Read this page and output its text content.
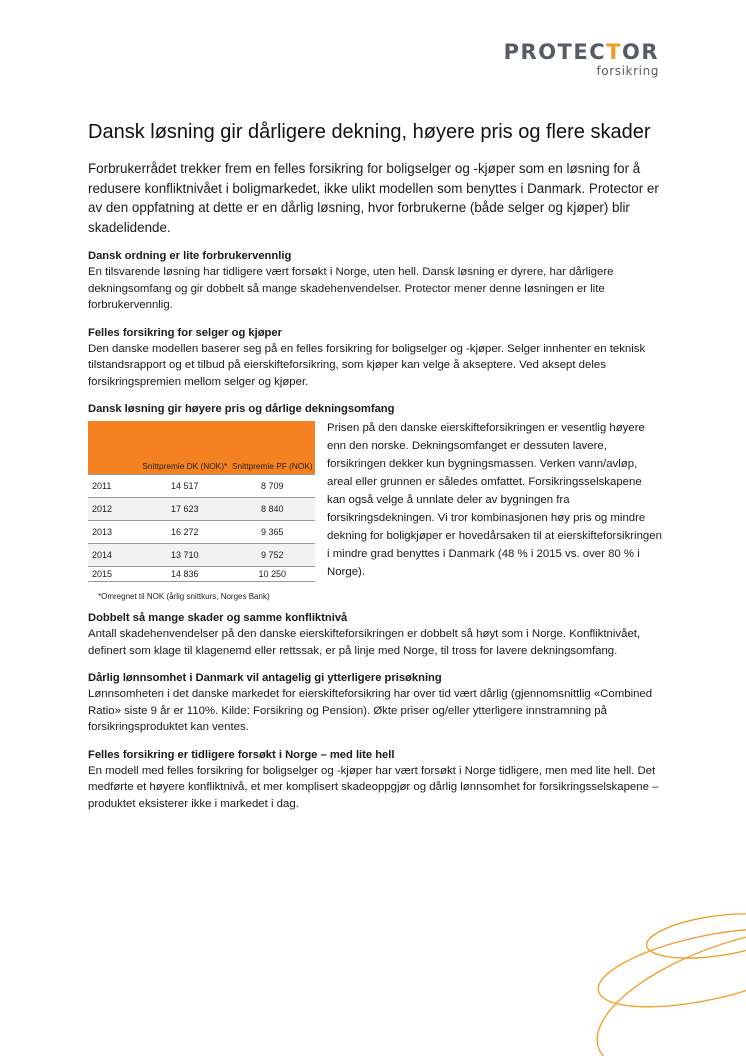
PROTECTOR
forsikring
Dansk løsning gir dårligere dekning, høyere pris og flere skader

Forbrukerrådet trekker frem en felles forsikring for boligselger og -kjøper som en løsning for å redusere konfliktnivået i boligmarkedet, ikke ulikt modellen som benyttes i Danmark. Protector er av den oppfatning at dette er en dårlig løsning, hvor forbrukerne (både selger og kjøper) blir skadelidende.

Dansk ordning er lite forbrukervennlig

En tilsvarende løsning har tidligere vært forsøkt i Norge, uten hell. Dansk løsning er dyrere, har dårligere dekningsomfang og gir dobbelt så mange skadehenvendelser. Protector mener denne løsningen er lite forbrukervennlig.

Felles forsikring for selger og kjøper

Den danske modellen baserer seg på en felles forsikring for boligselger og -kjøper. Selger innhenter en teknisk tilstandsrapport og et tilbud på eierskifteforsikring, som kjøper kan velge å akseptere. Ved aksept deles forsikringspremien mellom selger og kjøper.

Dansk løsning gir høyere pris og dårlige dekningsomfang
	Snittpremie DK (NOK)*	Snittpremie PF (NOK)
2011	14 517	8 709
2012	17 623	8 840
2013	16 272	9 365
2014	13 710	9 752
2015	14 836	10 250
*Omregnet til NOK (årlig snittkurs, Norges Bank)

Prisen på den danske eierskifteforsikringen er vesentlig høyere enn den norske. Dekningsomfanget er dessuten lavere, forsikringen dekker kun bygningsmassen. Verken vann/avløp, areal eller grunnen er således omfattet. Forsikringsselskapene kan også velge å unnlate deler av bygningen fra forsikringsdekningen. Vi tror kombinasjonen høy pris og mindre dekning for boligkjøper er hovedårsaken til at eierskifteforsikringen i mindre grad benyttes i Danmark (48 % i 2015 vs. over 80 % i Norge).

Dobbelt så mange skader og samme konfliktnivå

Antall skadehenvendelser på den danske eierskifteforsikringen er dobbelt så høyt som i Norge. Konfliktnivået, definert som klage til klagenemd eller rettssak, er på linje med Norge, til tross for lavere dekningsomfang.

Dårlig lønnsomhet i Danmark vil antagelig gi ytterligere prisøkning

Lønnsomheten i det danske markedet for eierskifteforsikring har over tid vært dårlig (gjennomsnittlig «Combined Ratio» siste 9 år er 110%. Kilde: Forsikring og Pension). Økte priser og/eller ytterligere innstramning på forsikringsproduktet kan ventes.

Felles forsikring er tidligere forsøkt i Norge – med lite hell

En modell med felles forsikring for boligselger og -kjøper har vært forsøkt i Norge tidligere, men med lite hell. Det medførte et høyere konfliktnivå, et mer komplisert skadeoppgjør og dårlig lønnsomhet for forsikringsselskapene – produktet eksisterer ikke i markedet i dag.
